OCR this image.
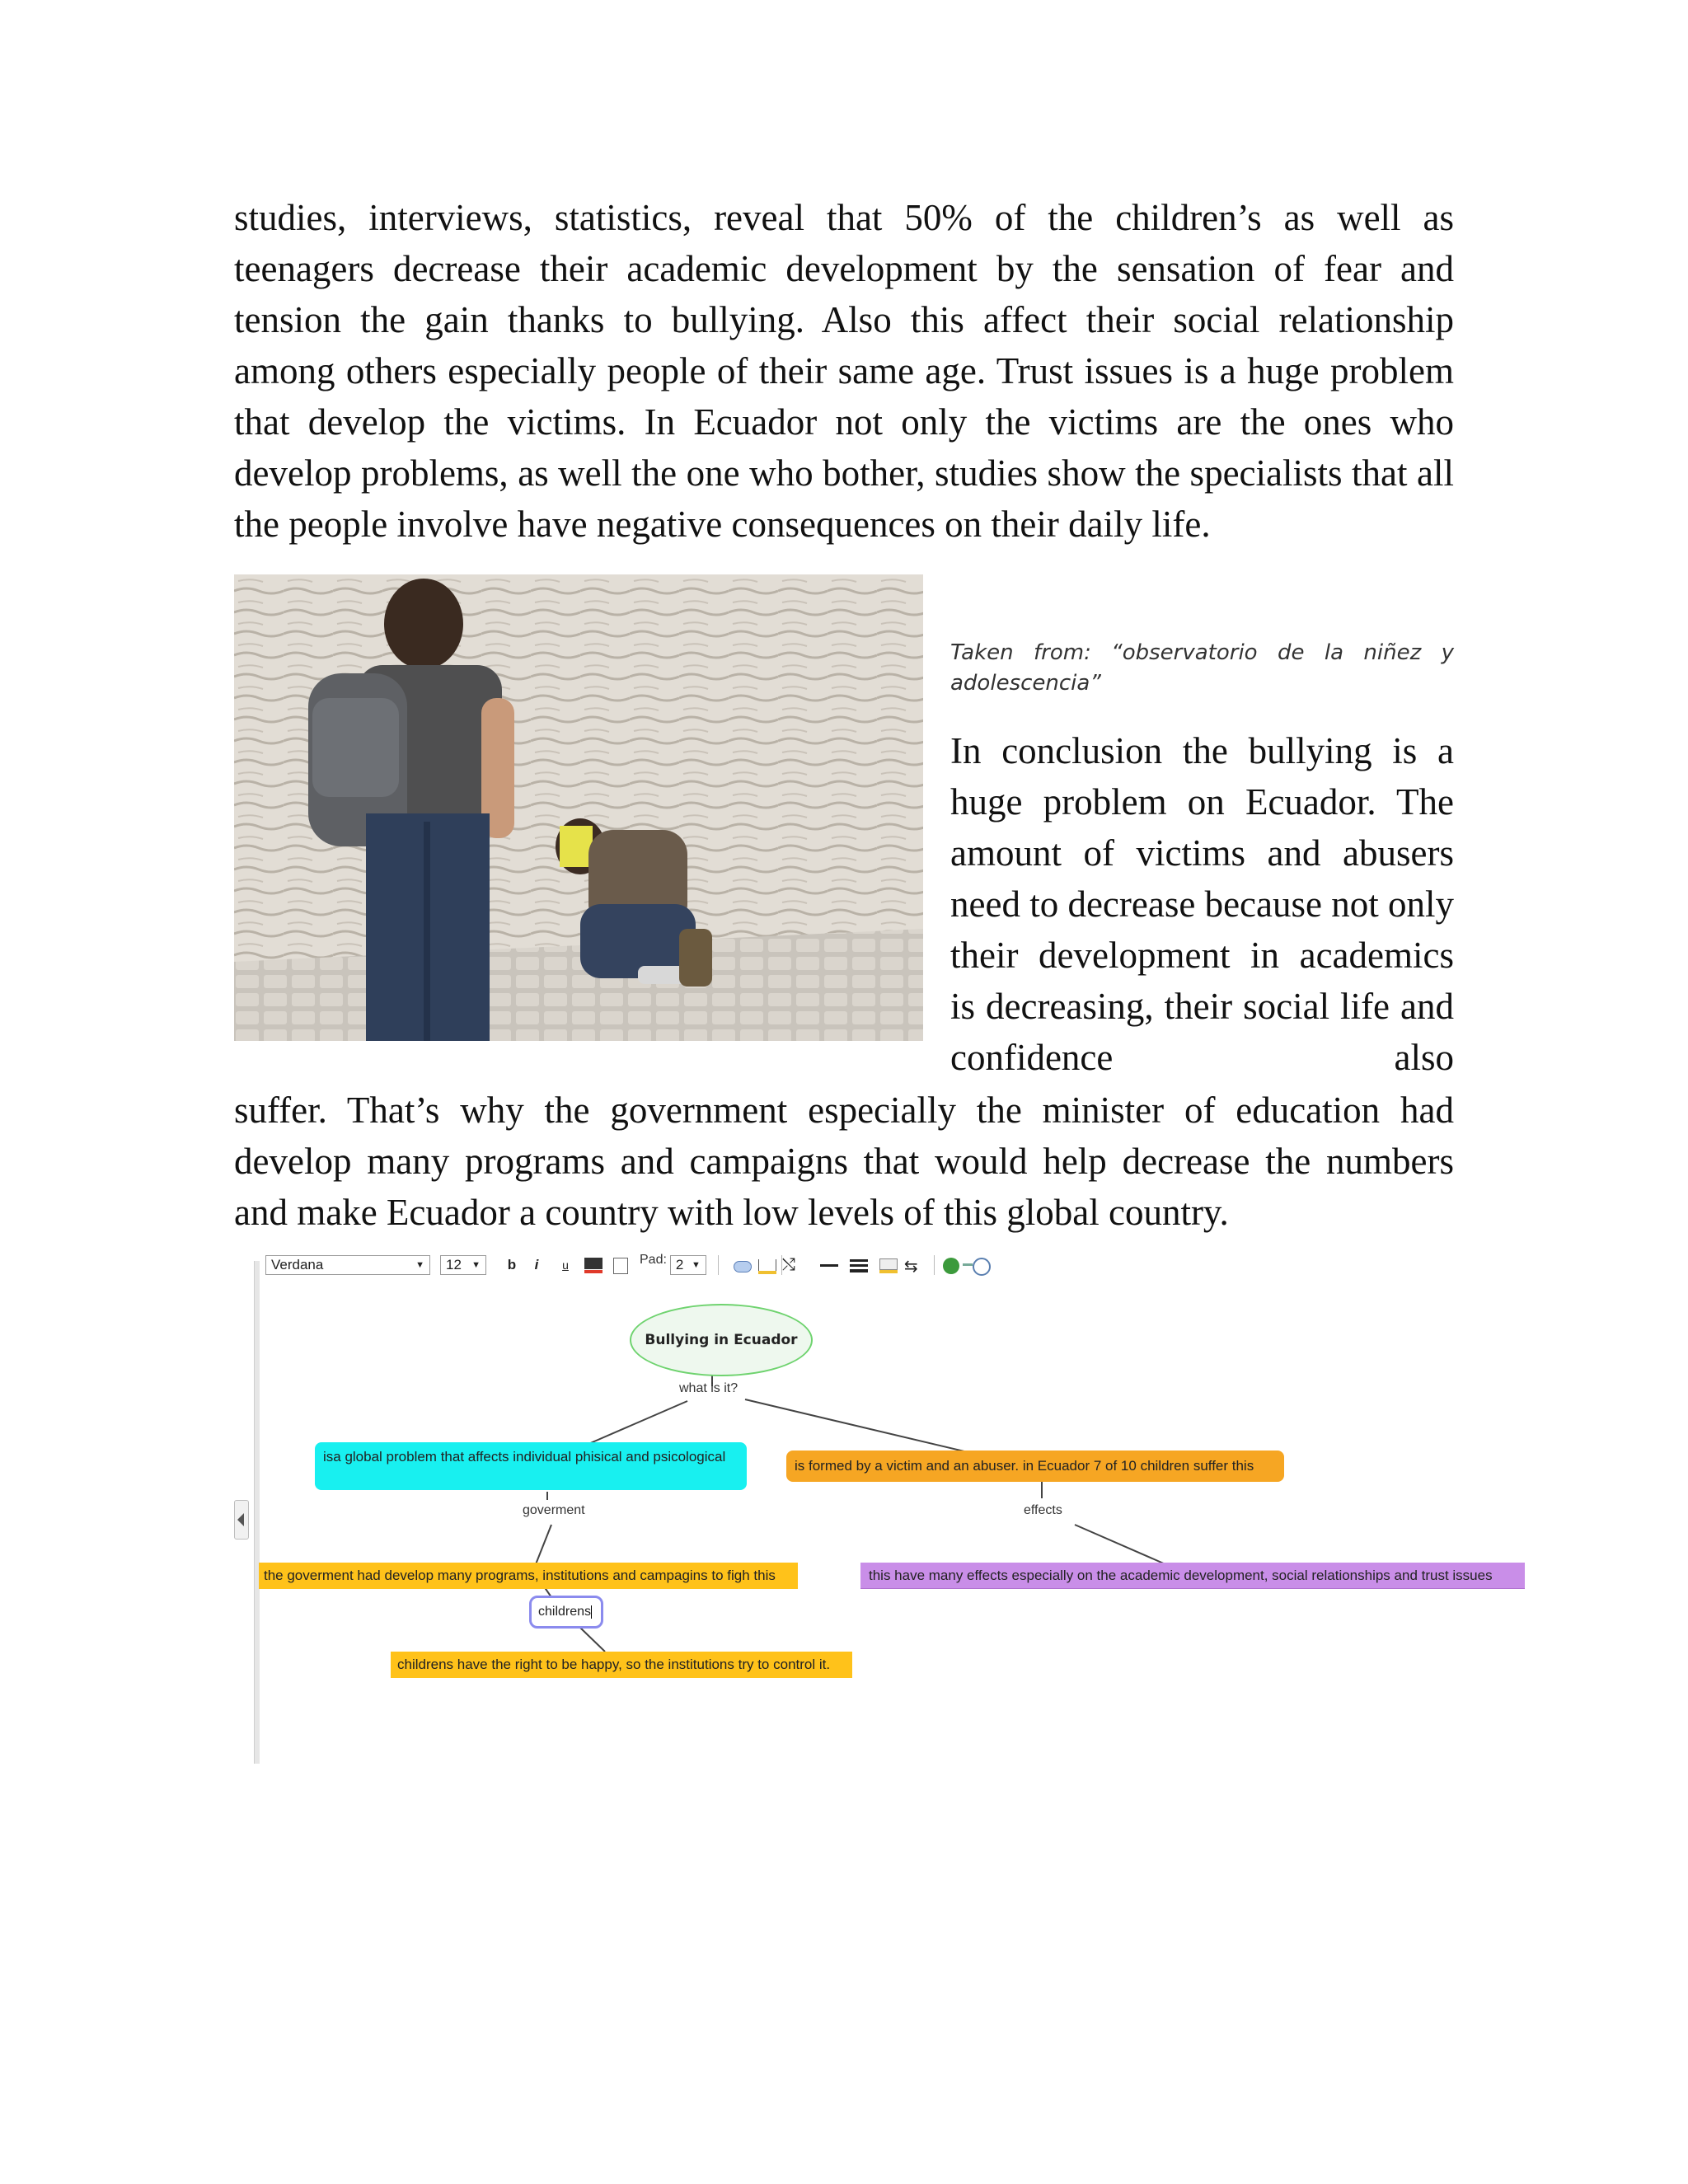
studies, interviews, statistics, reveal that 50% of the children’s as well as teenagers decrease their academic development by the sensation of fear and tension the gain thanks to bullying. Also this affect their social relationship among others especially people of their same age. Trust issues is a huge problem that develop the victims. In Ecuador not only the victims are the ones who develop problems, as well the one who bother, studies show the specialists that all the people involve have negative consequences on their daily life.

Taken from: “observatorio de la niñez y
adolescencia”

In conclusion the bullying is a huge problem on Ecuador. The amount of victims and abusers need to decrease because not only their development in academics is decreasing, their social life and confidence also

suffer. That’s why the government especially the minister of education had develop many programs and campaigns that would help decrease the numbers and make Ecuador a country with low levels of this global country.

Verdana	▼ 12 ▼	b	i	u	Pad: 2 ▼	⤭	⇆
Bullying in Ecuador
what is it?
isa global problem that affects individual phisical and psicological
is formed by a victim and an abuser. in Ecuador 7 of 10 children suffer this
goverment	effects
the goverment had develop many programs, institutions and campagins to figh this	this have many effects especially on the academic development, social relationships and trust issues
childrens
childrens have the right to be happy, so the institutions try to control it.
